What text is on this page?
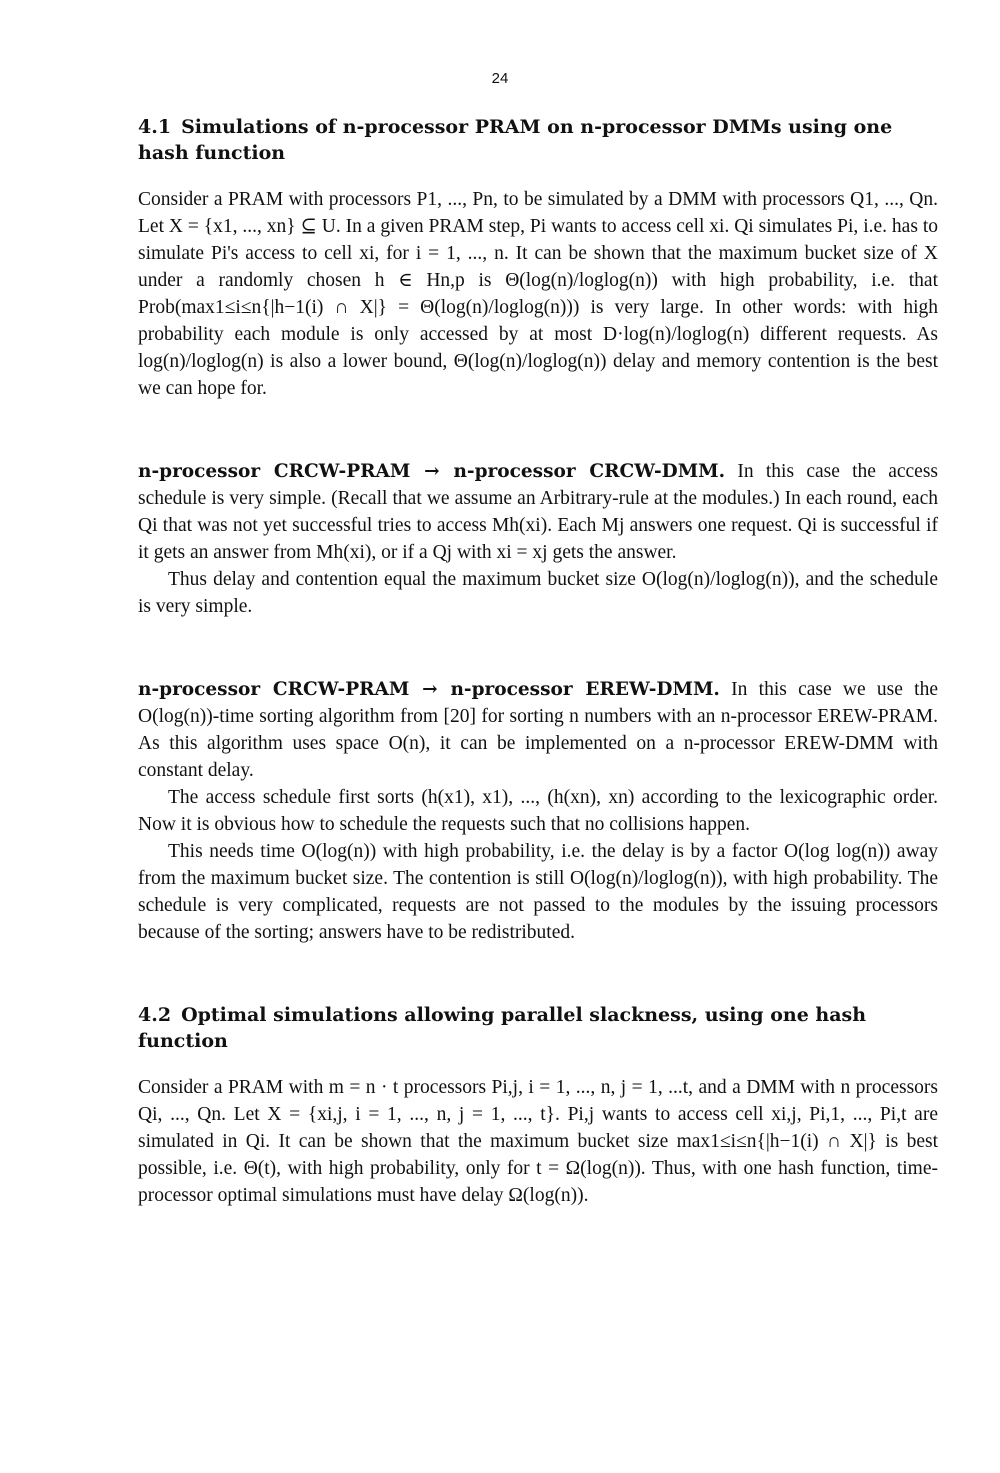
24
4.1 Simulations of n-processor PRAM on n-processor DMMs using one hash function

Consider a PRAM with processors P1, ..., Pn, to be simulated by a DMM with processors Q1, ..., Qn. Let X = {x1, ..., xn} ⊆ U. In a given PRAM step, Pi wants to access cell xi. Qi simulates Pi, i.e. has to simulate Pi's access to cell xi, for i = 1, ..., n. It can be shown that the maximum bucket size of X under a randomly chosen h ∈ Hn,p is Θ(log(n)/loglog(n)) with high probability, i.e. that Prob(max1≤i≤n{|h−1(i) ∩ X|} = Θ(log(n)/loglog(n))) is very large. In other words: with high probability each module is only accessed by at most D·log(n)/loglog(n) different requests. As log(n)/loglog(n) is also a lower bound, Θ(log(n)/loglog(n)) delay and memory contention is the best we can hope for.

n-processor CRCW-PRAM → n-processor CRCW-DMM. In this case the access schedule is very simple. (Recall that we assume an Arbitrary-rule at the modules.) In each round, each Qi that was not yet successful tries to access Mh(xi). Each Mj answers one request. Qi is successful if it gets an answer from Mh(xi), or if a Qj with xi = xj gets the answer.

Thus delay and contention equal the maximum bucket size O(log(n)/loglog(n)), and the schedule is very simple.

n-processor CRCW-PRAM → n-processor EREW-DMM. In this case we use the O(log(n))-time sorting algorithm from [20] for sorting n numbers with an n-processor EREW-PRAM. As this algorithm uses space O(n), it can be implemented on a n-processor EREW-DMM with constant delay.

The access schedule first sorts (h(x1), x1), ..., (h(xn), xn) according to the lexicographic order. Now it is obvious how to schedule the requests such that no collisions happen.

This needs time O(log(n)) with high probability, i.e. the delay is by a factor O(log log(n)) away from the maximum bucket size. The contention is still O(log(n)/loglog(n)), with high probability. The schedule is very complicated, requests are not passed to the modules by the issuing processors because of the sorting; answers have to be redistributed.

4.2 Optimal simulations allowing parallel slackness, using one hash function

Consider a PRAM with m = n · t processors Pi,j, i = 1, ..., n, j = 1, ...t, and a DMM with n processors Qi, ..., Qn. Let X = {xi,j, i = 1, ..., n, j = 1, ..., t}. Pi,j wants to access cell xi,j, Pi,1, ..., Pi,t are simulated in Qi. It can be shown that the maximum bucket size max1≤i≤n{|h−1(i) ∩ X|} is best possible, i.e. Θ(t), with high probability, only for t = Ω(log(n)). Thus, with one hash function, time-processor optimal simulations must have delay Ω(log(n)).
